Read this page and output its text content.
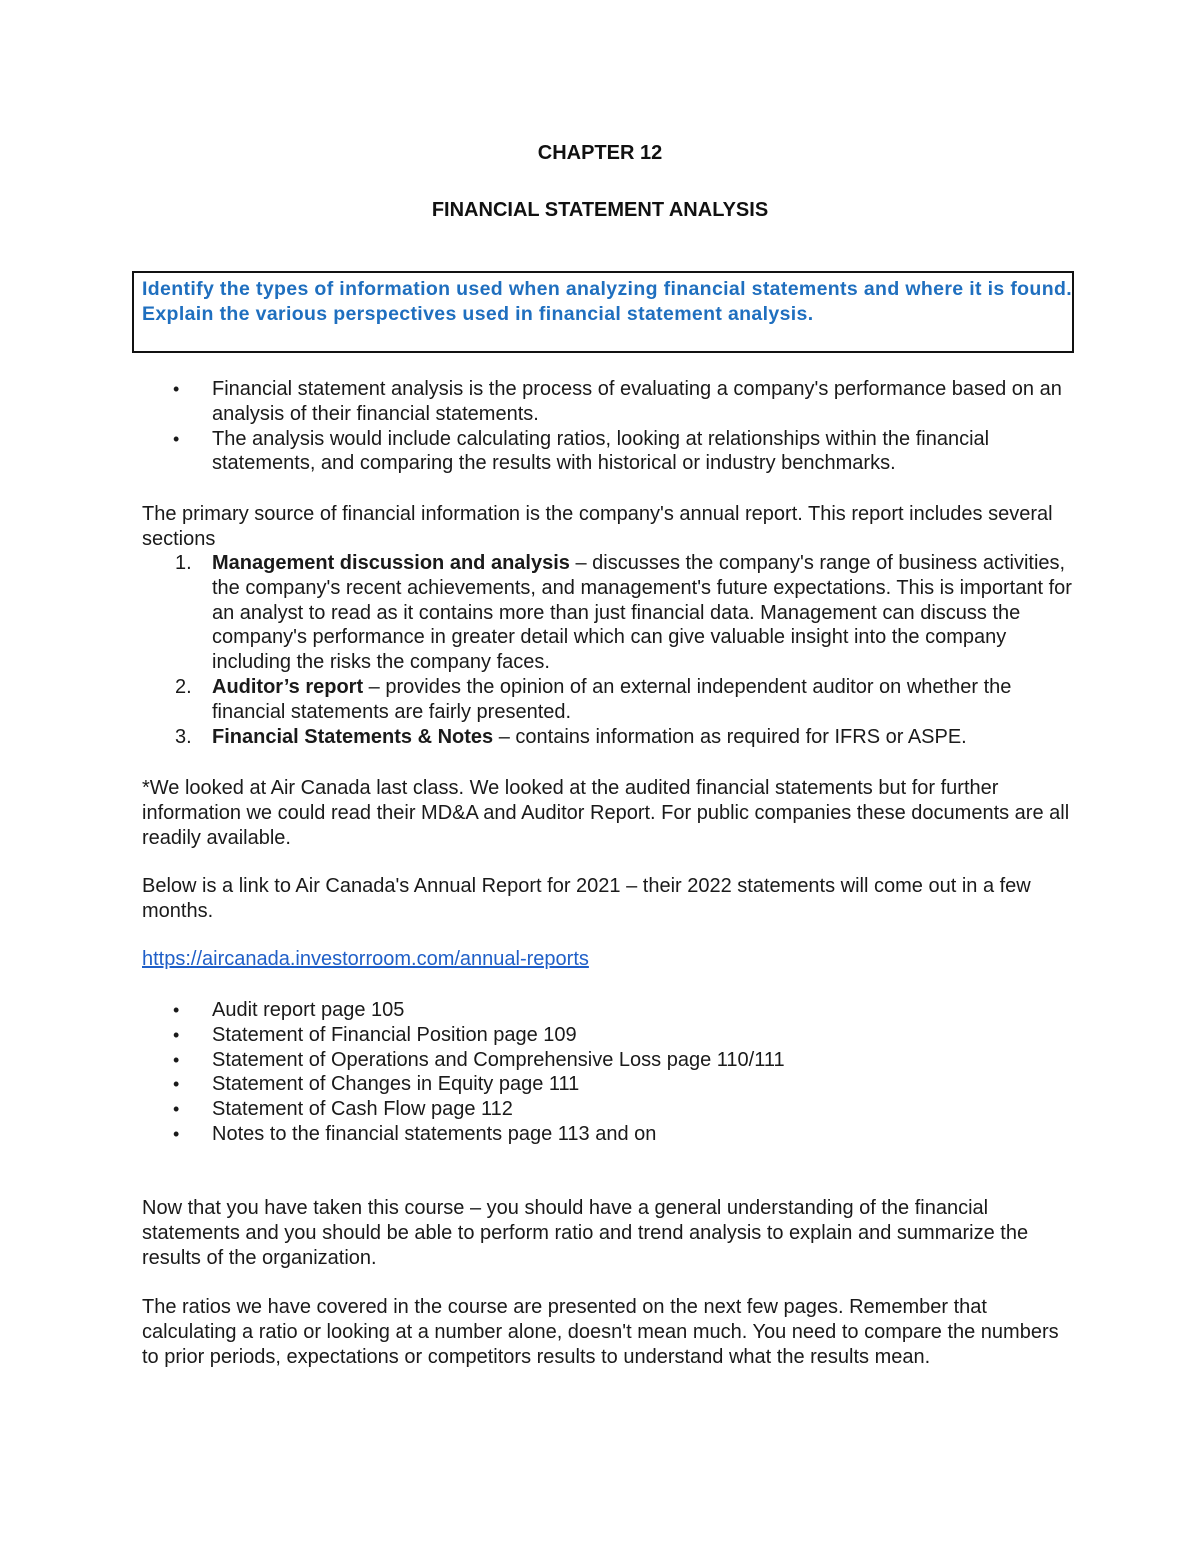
CHAPTER 12
FINANCIAL STATEMENT ANALYSIS
Identify the types of information used when analyzing financial statements and where it is found.
Explain the various perspectives used in financial statement analysis.
• Financial statement analysis is the process of evaluating a company's performance based on an analysis of their financial statements.
• The analysis would include calculating ratios, looking at relationships within the financial statements, and comparing the results with historical or industry benchmarks.
The primary source of financial information is the company's annual report. This report includes several sections
1. Management discussion and analysis – discusses the company's range of business activities, the company's recent achievements, and management's future expectations. This is important for an analyst to read as it contains more than just financial data. Management can discuss the company's performance in greater detail which can give valuable insight into the company including the risks the company faces.
2. Auditor’s report – provides the opinion of an external independent auditor on whether the financial statements are fairly presented.
3. Financial Statements & Notes – contains information as required for IFRS or ASPE.
*We looked at Air Canada last class. We looked at the audited financial statements but for further information we could read their MD&A and Auditor Report. For public companies these documents are all readily available.
Below is a link to Air Canada's Annual Report for 2021 – their 2022 statements will come out in a few months.
https://aircanada.investorroom.com/annual-reports
• Audit report page 105
• Statement of Financial Position page 109
• Statement of Operations and Comprehensive Loss page 110/111
• Statement of Changes in Equity page 111
• Statement of Cash Flow page 112
• Notes to the financial statements page 113 and on
Now that you have taken this course – you should have a general understanding of the financial statements and you should be able to perform ratio and trend analysis to explain and summarize the results of the organization.
The ratios we have covered in the course are presented on the next few pages. Remember that calculating a ratio or looking at a number alone, doesn't mean much. You need to compare the numbers to prior periods, expectations or competitors results to understand what the results mean.
